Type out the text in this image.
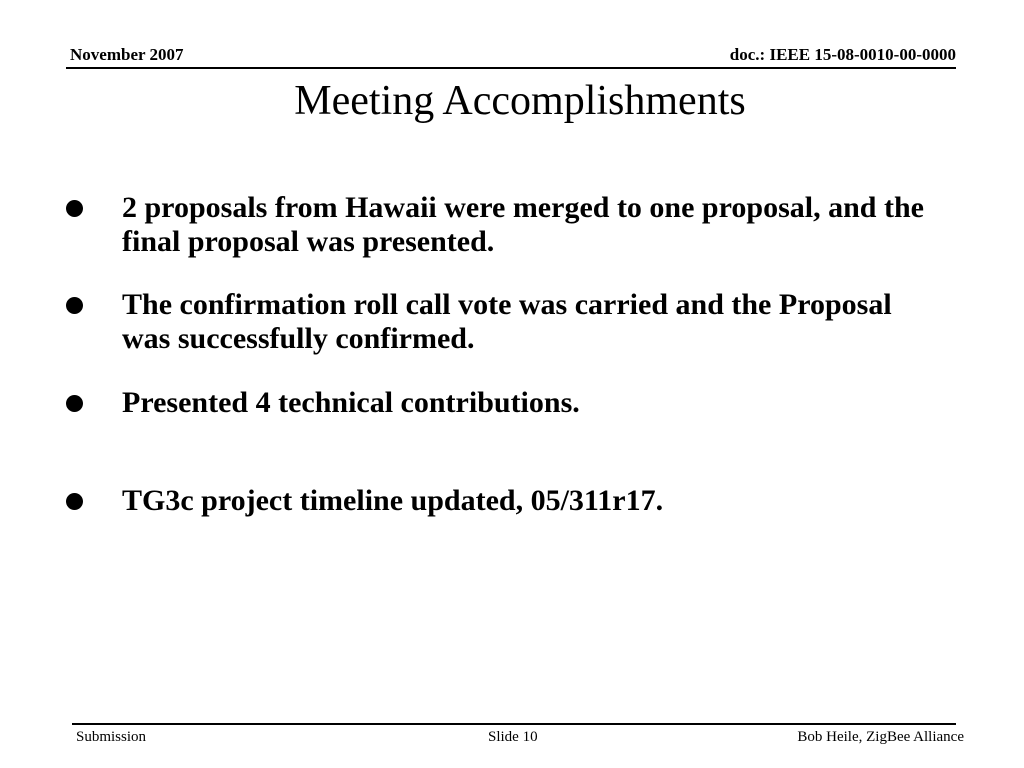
November 2007	doc.: IEEE 15-08-0010-00-0000
Meeting Accomplishments
2 proposals from Hawaii were merged to one proposal, and the final proposal was presented.
The confirmation roll call vote was carried and the Proposal was successfully confirmed.
Presented 4 technical contributions.
TG3c project timeline updated, 05/311r17.
Submission	Slide 10	Bob Heile, ZigBee Alliance
